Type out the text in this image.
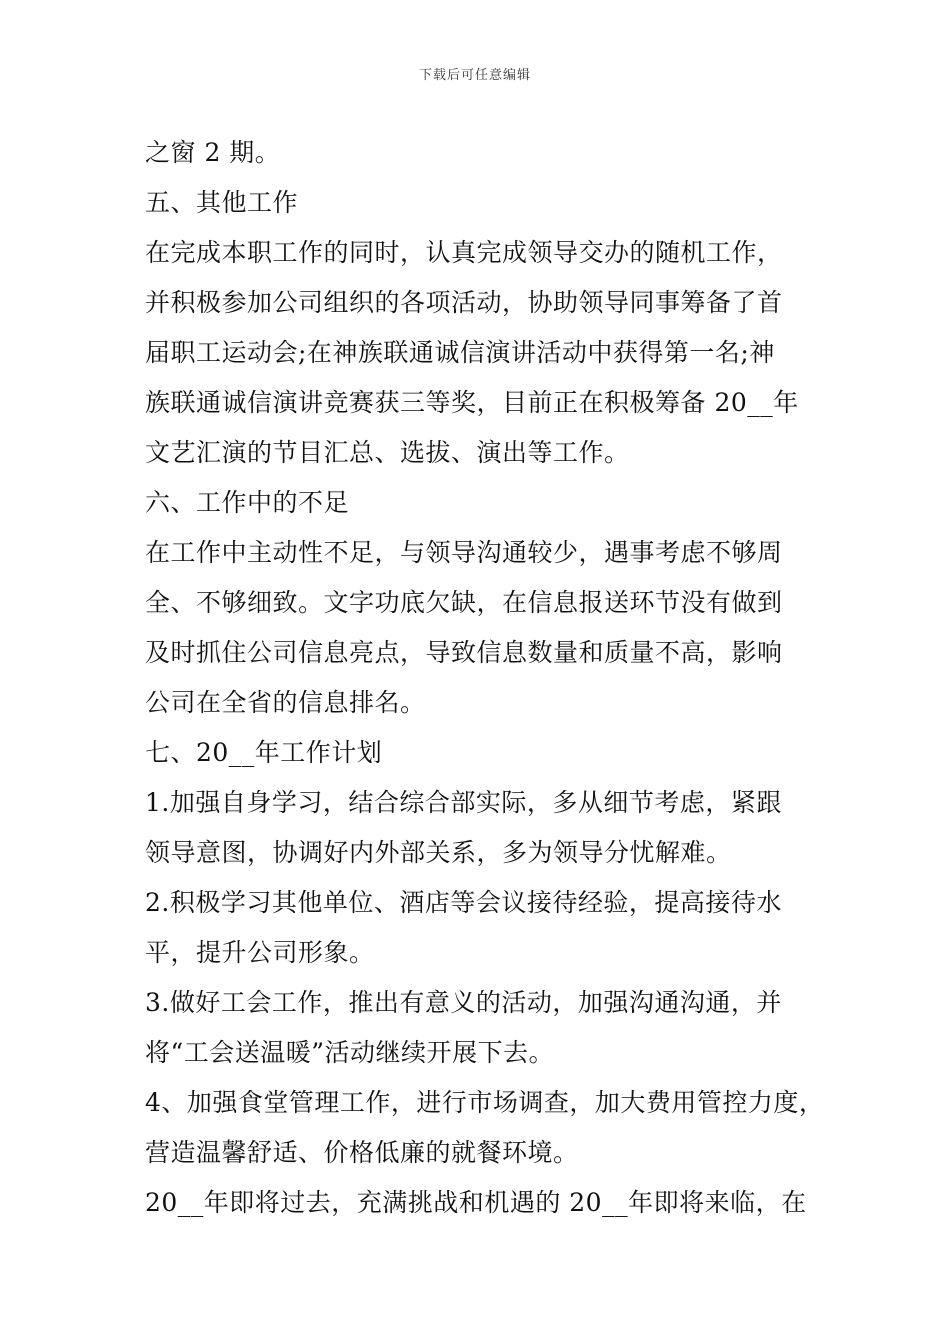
下载后可任意编辑
之窗 2 期。
五、其他工作
在完成本职工作的同时，认真完成领导交办的随机工作，
并积极参加公司组织的各项活动，协助领导同事筹备了首
届职工运动会;在神族联通诚信演讲活动中获得第一名;神
族联通诚信演讲竞赛获三等奖，目前正在积极筹备 20__年
文艺汇演的节目汇总、选拔、演出等工作。
六、工作中的不足
在工作中主动性不足，与领导沟通较少，遇事考虑不够周
全、不够细致。文字功底欠缺，在信息报送环节没有做到
及时抓住公司信息亮点，导致信息数量和质量不高，影响
公司在全省的信息排名。
七、20__年工作计划
1.加强自身学习，结合综合部实际，多从细节考虑，紧跟
领导意图，协调好内外部关系，多为领导分忧解难。
2.积极学习其他单位、酒店等会议接待经验，提高接待水
平，提升公司形象。
3.做好工会工作，推出有意义的活动，加强沟通沟通，并
将“工会送温暖”活动继续开展下去。
4、加强食堂管理工作，进行市场调查，加大费用管控力度，
营造温馨舒适、价格低廉的就餐环境。
20__年即将过去，充满挑战和机遇的 20__年即将来临，在
